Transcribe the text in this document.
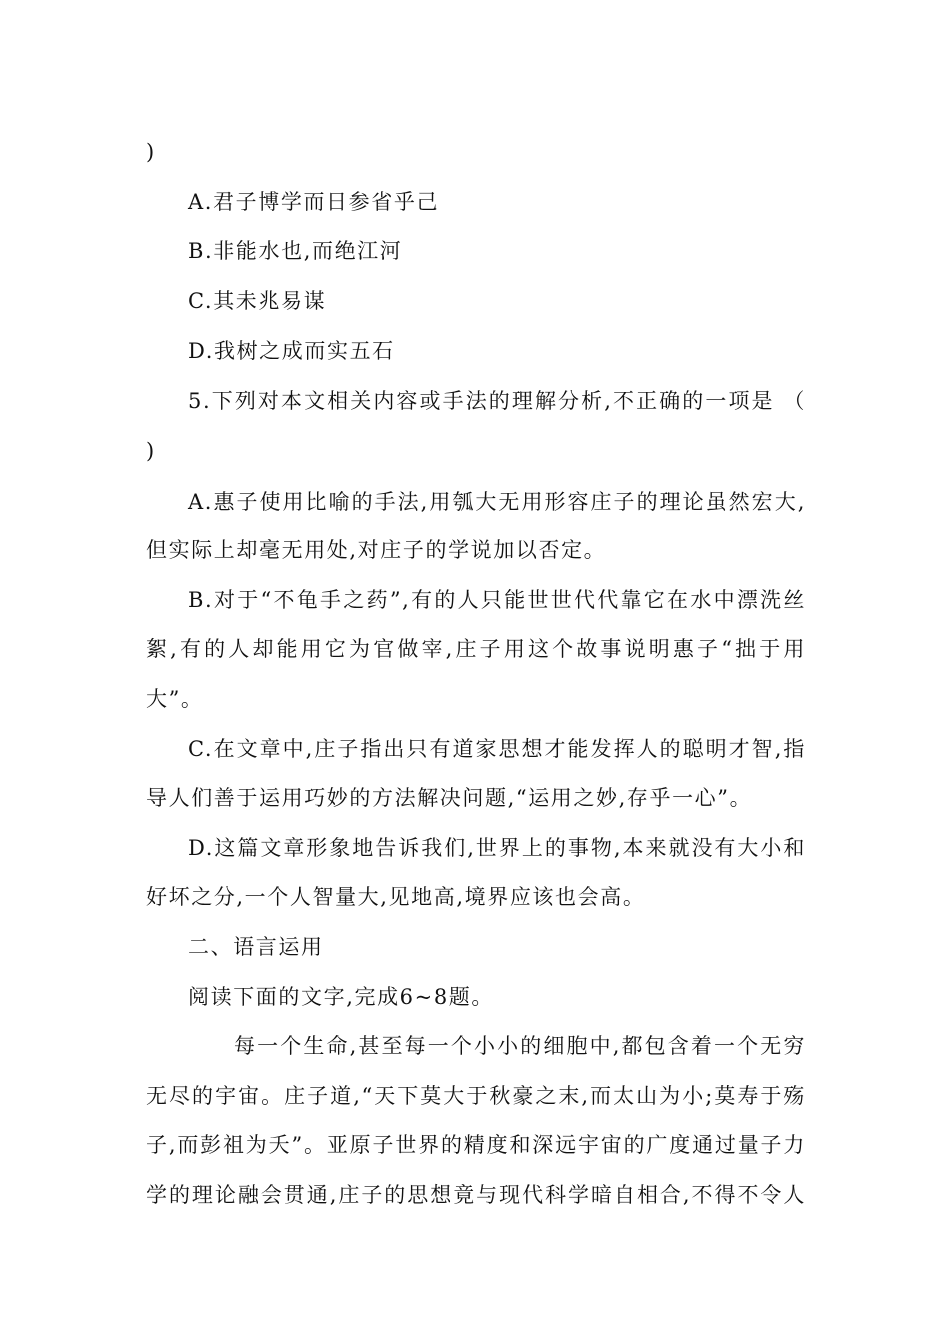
)
A.君子博学而日参省乎己
B.非能水也,而绝江河
C.其未兆易谋
D.我树之成而实五石
5.下列对本文相关内容或手法的理解分析,不正确的一项是 （
)
A.惠子使用比喻的手法,用瓠大无用形容庄子的理论虽然宏大,
但实际上却毫无用处,对庄子的学说加以否定。
B.对于“不龟手之药”,有的人只能世世代代靠它在水中漂洗丝
絮,有的人却能用它为官做宰,庄子用这个故事说明惠子“拙于用
大”。
C.在文章中,庄子指出只有道家思想才能发挥人的聪明才智,指
导人们善于运用巧妙的方法解决问题,“运用之妙,存乎一心”。
D.这篇文章形象地告诉我们,世界上的事物,本来就没有大小和
好坏之分,一个人智量大,见地高,境界应该也会高。
二、语言运用
阅读下面的文字,完成6~8题。
每一个生命,甚至每一个小小的细胞中,都包含着一个无穷
无尽的宇宙。庄子道,“天下莫大于秋豪之末,而太山为小;莫寿于殇
子,而彭祖为夭”。亚原子世界的精度和深远宇宙的广度通过量子力
学的理论融会贯通,庄子的思想竟与现代科学暗自相合,不得不令人
